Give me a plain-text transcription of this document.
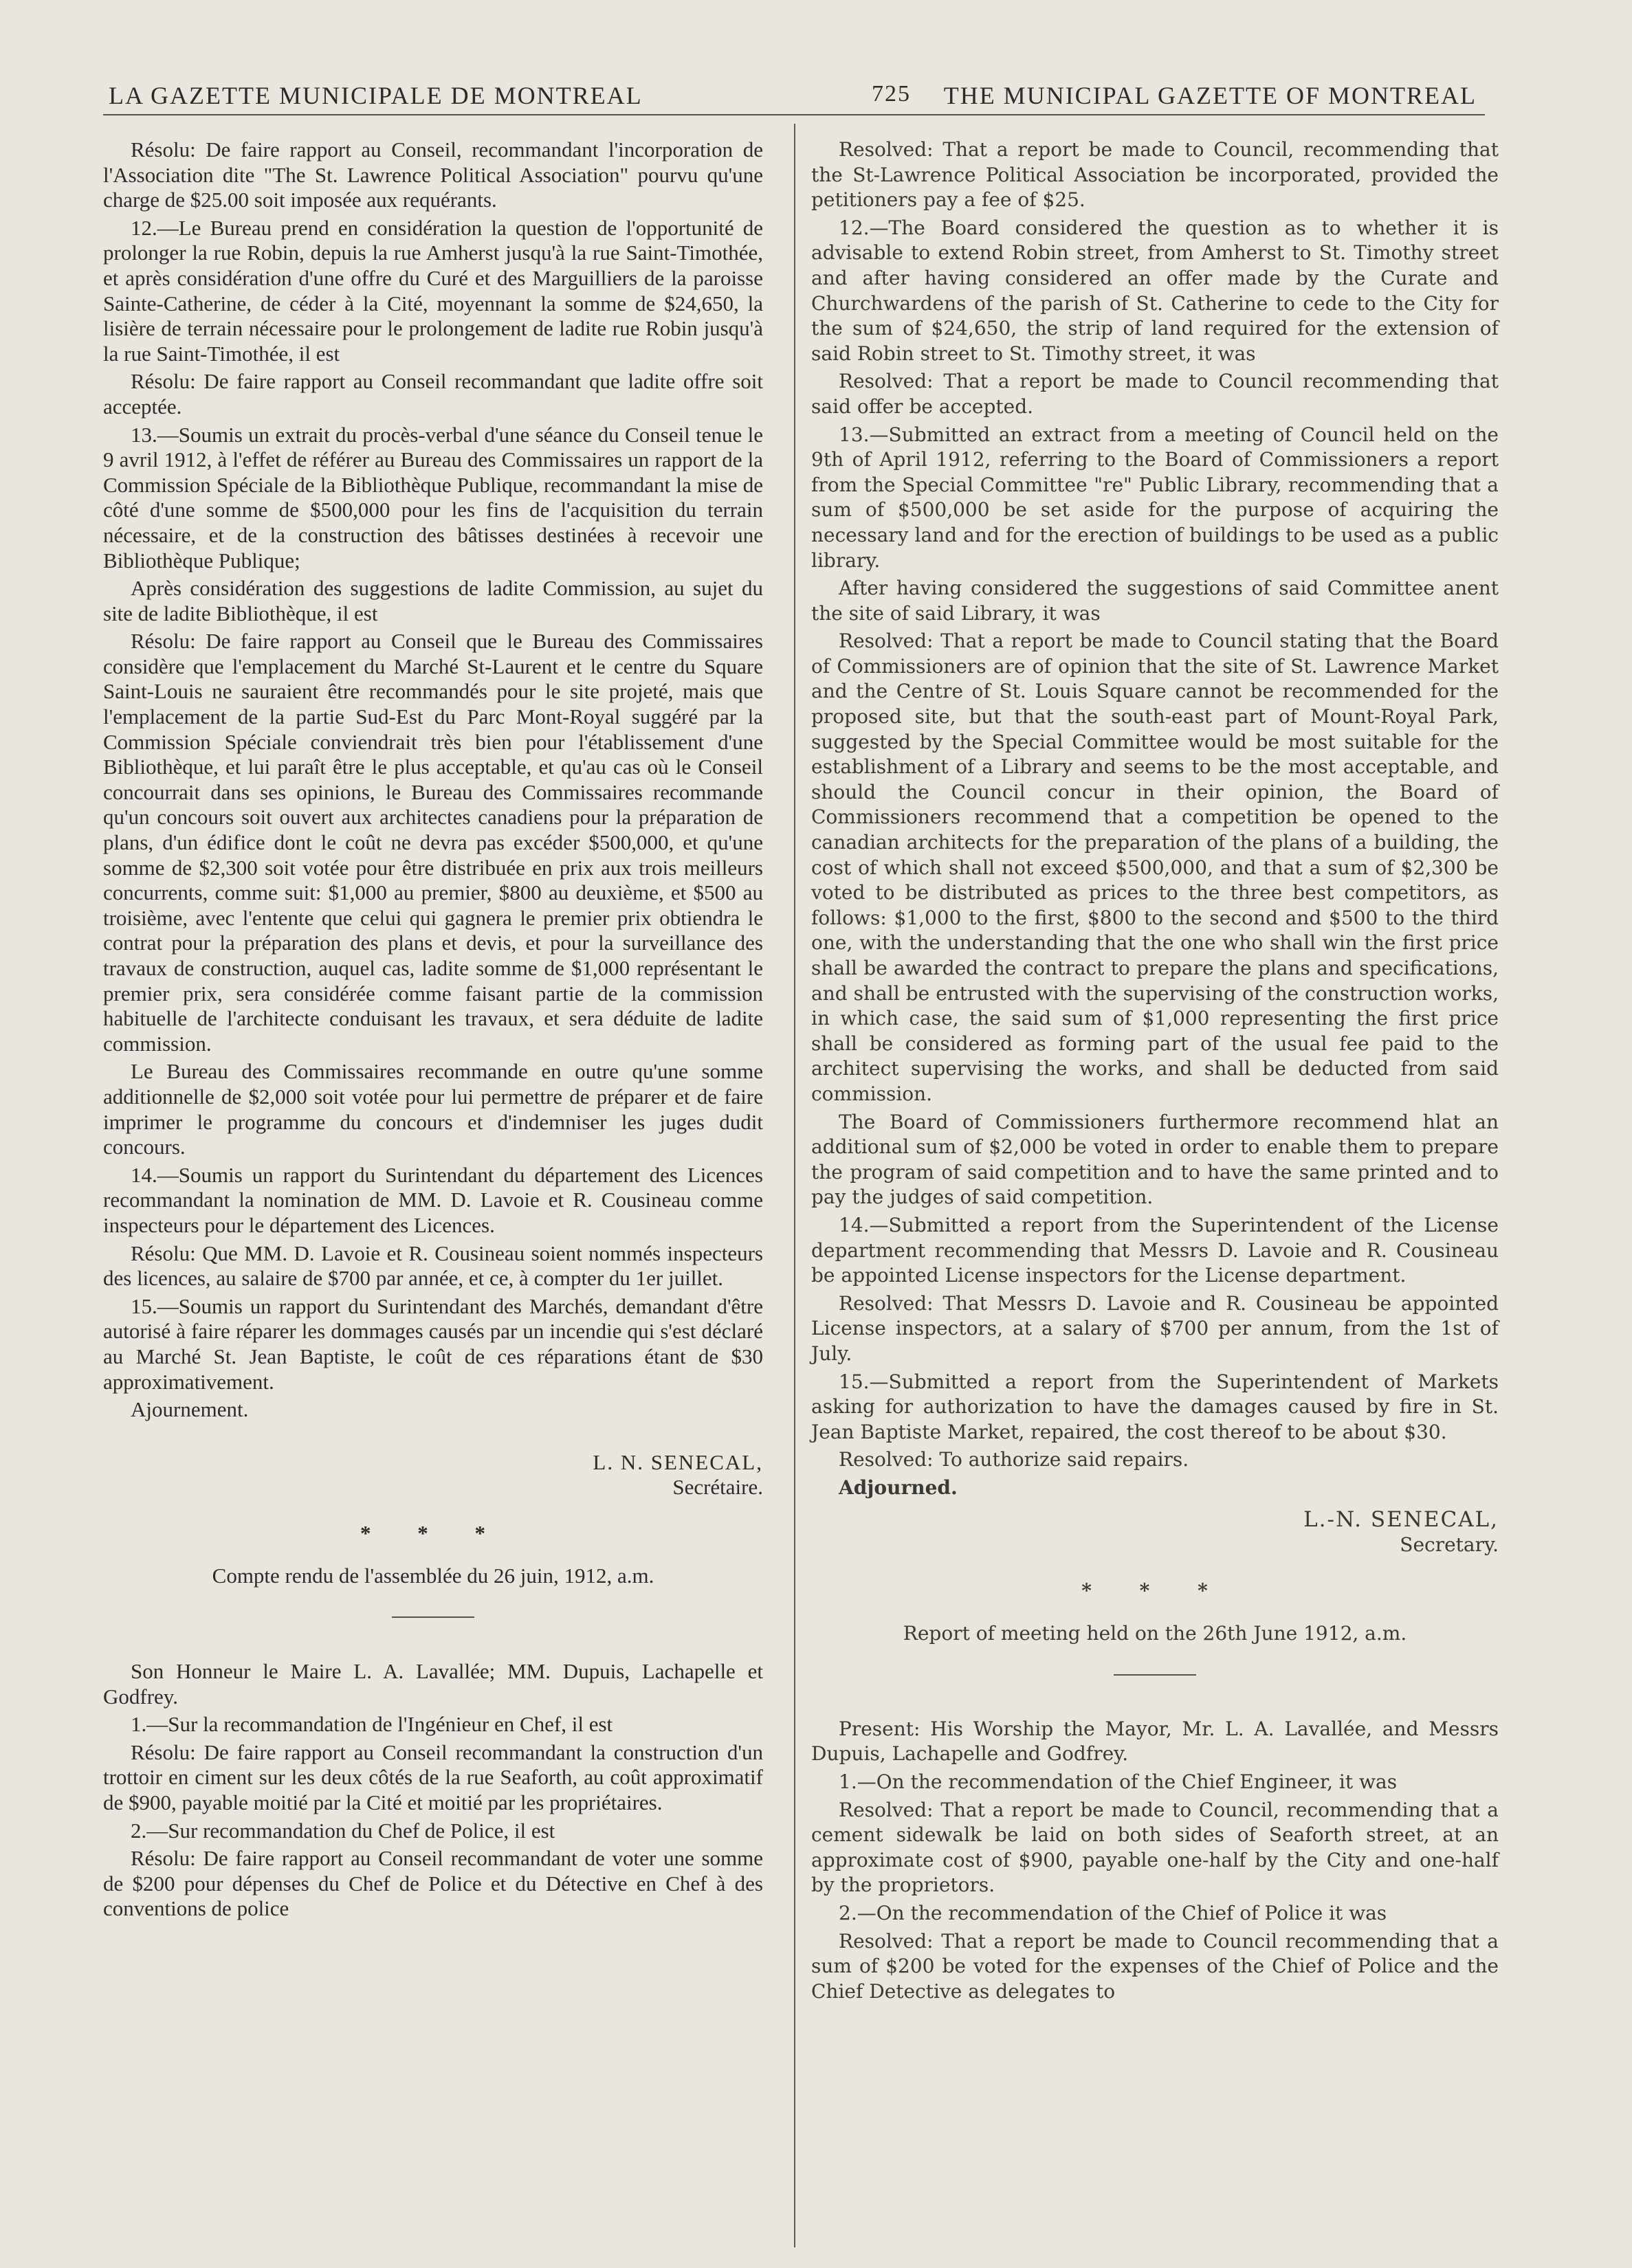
LA GAZETTE MUNICIPALE DE MONTREAL	725 THE MUNICIPAL GAZETTE OF MONTREAL

Résolu: De faire rapport au Conseil, recommandant l'incorporation de l'Association dite "The St. Lawrence Political Association" pourvu qu'une charge de $25.00 soit imposée aux requérants.

12.—Le Bureau prend en considération la question de l'opportunité de prolonger la rue Robin, depuis la rue Amherst jusqu'à la rue Saint-Timothée, et après considération d'une offre du Curé et des Marguilliers de la paroisse Sainte-Catherine, de céder à la Cité, moyennant la somme de $24,650, la lisière de terrain nécessaire pour le prolongement de ladite rue Robin jusqu'à la rue Saint-Timothée, il est

Résolu: De faire rapport au Conseil recommandant que ladite offre soit acceptée.

13.—Soumis un extrait du procès-verbal d'une séance du Conseil tenue le 9 avril 1912, à l'effet de référer au Bureau des Commissaires un rapport de la Commission Spéciale de la Bibliothèque Publique, recommandant la mise de côté d'une somme de $500,000 pour les fins de l'acquisition du terrain nécessaire, et de la construction des bâtisses destinées à recevoir une Bibliothèque Publique;

Après considération des suggestions de ladite Commission, au sujet du site de ladite Bibliothèque, il est

Résolu: De faire rapport au Conseil que le Bureau des Commissaires considère que l'emplacement du Marché St-Laurent et le centre du Square Saint-Louis ne sauraient être recommandés pour le site projeté, mais que l'emplacement de la partie Sud-Est du Parc Mont-Royal suggéré par la Commission Spéciale conviendrait très bien pour l'établissement d'une Bibliothèque, et lui paraît être le plus acceptable, et qu'au cas où le Conseil concourrait dans ses opinions, le Bureau des Commissaires recommande qu'un concours soit ouvert aux architectes canadiens pour la préparation de plans, d'un édifice dont le coût ne devra pas excéder $500,000, et qu'une somme de $2,300 soit votée pour être distribuée en prix aux trois meilleurs concurrents, comme suit: $1,000 au premier, $800 au deuxième, et $500 au troisième, avec l'entente que celui qui gagnera le premier prix obtiendra le contrat pour la préparation des plans et devis, et pour la surveillance des travaux de construction, auquel cas, ladite somme de $1,000 représentant le premier prix, sera considérée comme faisant partie de la commission habituelle de l'architecte conduisant les travaux, et sera déduite de ladite commission.

Le Bureau des Commissaires recommande en outre qu'une somme additionnelle de $2,000 soit votée pour lui permettre de préparer et de faire imprimer le programme du concours et d'indemniser les juges dudit concours.

14.—Soumis un rapport du Surintendant du département des Licences recommandant la nomination de MM. D. Lavoie et R. Cousineau comme inspecteurs pour le département des Licences.

Résolu: Que MM. D. Lavoie et R. Cousineau soient nommés inspecteurs des licences, au salaire de $700 par année, et ce, à compter du 1er juillet.

15.—Soumis un rapport du Surintendant des Marchés, demandant d'être autorisé à faire réparer les dommages causés par un incendie qui s'est déclaré au Marché St. Jean Baptiste, le coût de ces réparations étant de $30 approximativement.

Ajournement.

L. N. SENECAL,
Secrétaire.
* * *
Compte rendu de l'assemblée du 26 juin, 1912, a.m.

Son Honneur le Maire L. A. Lavallée; MM. Dupuis, Lachapelle et Godfrey.

1.—Sur la recommandation de l'Ingénieur en Chef, il est

Résolu: De faire rapport au Conseil recommandant la construction d'un trottoir en ciment sur les deux côtés de la rue Seaforth, au coût approximatif de $900, payable moitié par la Cité et moitié par les propriétaires.

2.—Sur recommandation du Chef de Police, il est

Résolu: De faire rapport au Conseil recommandant de voter une somme de $200 pour dépenses du Chef de Police et du Détective en Chef à des conventions de police

Resolved: That a report be made to Council, recommending that the St-Lawrence Political Association be incorporated, provided the petitioners pay a fee of $25.

12.—The Board considered the question as to whether it is advisable to extend Robin street, from Amherst to St. Timothy street and after having considered an offer made by the Curate and Churchwardens of the parish of St. Catherine to cede to the City for the sum of $24,650, the strip of land required for the extension of said Robin street to St. Timothy street, it was

Resolved: That a report be made to Council recommending that said offer be accepted.

13.—Submitted an extract from a meeting of Council held on the 9th of April 1912, referring to the Board of Commissioners a report from the Special Committee "re" Public Library, recommending that a sum of $500,000 be set aside for the purpose of acquiring the necessary land and for the erection of buildings to be used as a public library.

After having considered the suggestions of said Committee anent the site of said Library, it was

Resolved: That a report be made to Council stating that the Board of Commissioners are of opinion that the site of St. Lawrence Market and the Centre of St. Louis Square cannot be recommended for the proposed site, but that the south-east part of Mount-Royal Park, suggested by the Special Committee would be most suitable for the establishment of a Library and seems to be the most acceptable, and should the Council concur in their opinion, the Board of Commissioners recommend that a competition be opened to the canadian architects for the preparation of the plans of a building, the cost of which shall not exceed $500,000, and that a sum of $2,300 be voted to be distributed as prices to the three best competitors, as follows: $1,000 to the first, $800 to the second and $500 to the third one, with the understanding that the one who shall win the first price shall be awarded the contract to prepare the plans and specifications, and shall be entrusted with the supervising of the construction works, in which case, the said sum of $1,000 representing the first price shall be considered as forming part of the usual fee paid to the architect supervising the works, and shall be deducted from said commission.

The Board of Commissioners furthermore recommend hlat an additional sum of $2,000 be voted in order to enable them to prepare the program of said competition and to have the same printed and to pay the judges of said competition.

14.—Submitted a report from the Superintendent of the License department recommending that Messrs D. Lavoie and R. Cousineau be appointed License inspectors for the License department.

Resolved: That Messrs D. Lavoie and R. Cousineau be appointed License inspectors, at a salary of $700 per annum, from the 1st of July.

15.—Submitted a report from the Superintendent of Markets asking for authorization to have the damages caused by fire in St. Jean Baptiste Market, repaired, the cost thereof to be about $30.

Resolved: To authorize said repairs.

Adjourned.

L.-N. SENECAL,
Secretary.
* * *
Report of meeting held on the 26th June 1912, a.m.

Present: His Worship the Mayor, Mr. L. A. Lavallée, and Messrs Dupuis, Lachapelle and Godfrey.

1.—On the recommendation of the Chief Engineer, it was

Resolved: That a report be made to Council, recommending that a cement sidewalk be laid on both sides of Seaforth street, at an approximate cost of $900, payable one-half by the City and one-half by the proprietors.

2.—On the recommendation of the Chief of Police it was

Resolved: That a report be made to Council recommending that a sum of $200 be voted for the expenses of the Chief of Police and the Chief Detective as delegates to
